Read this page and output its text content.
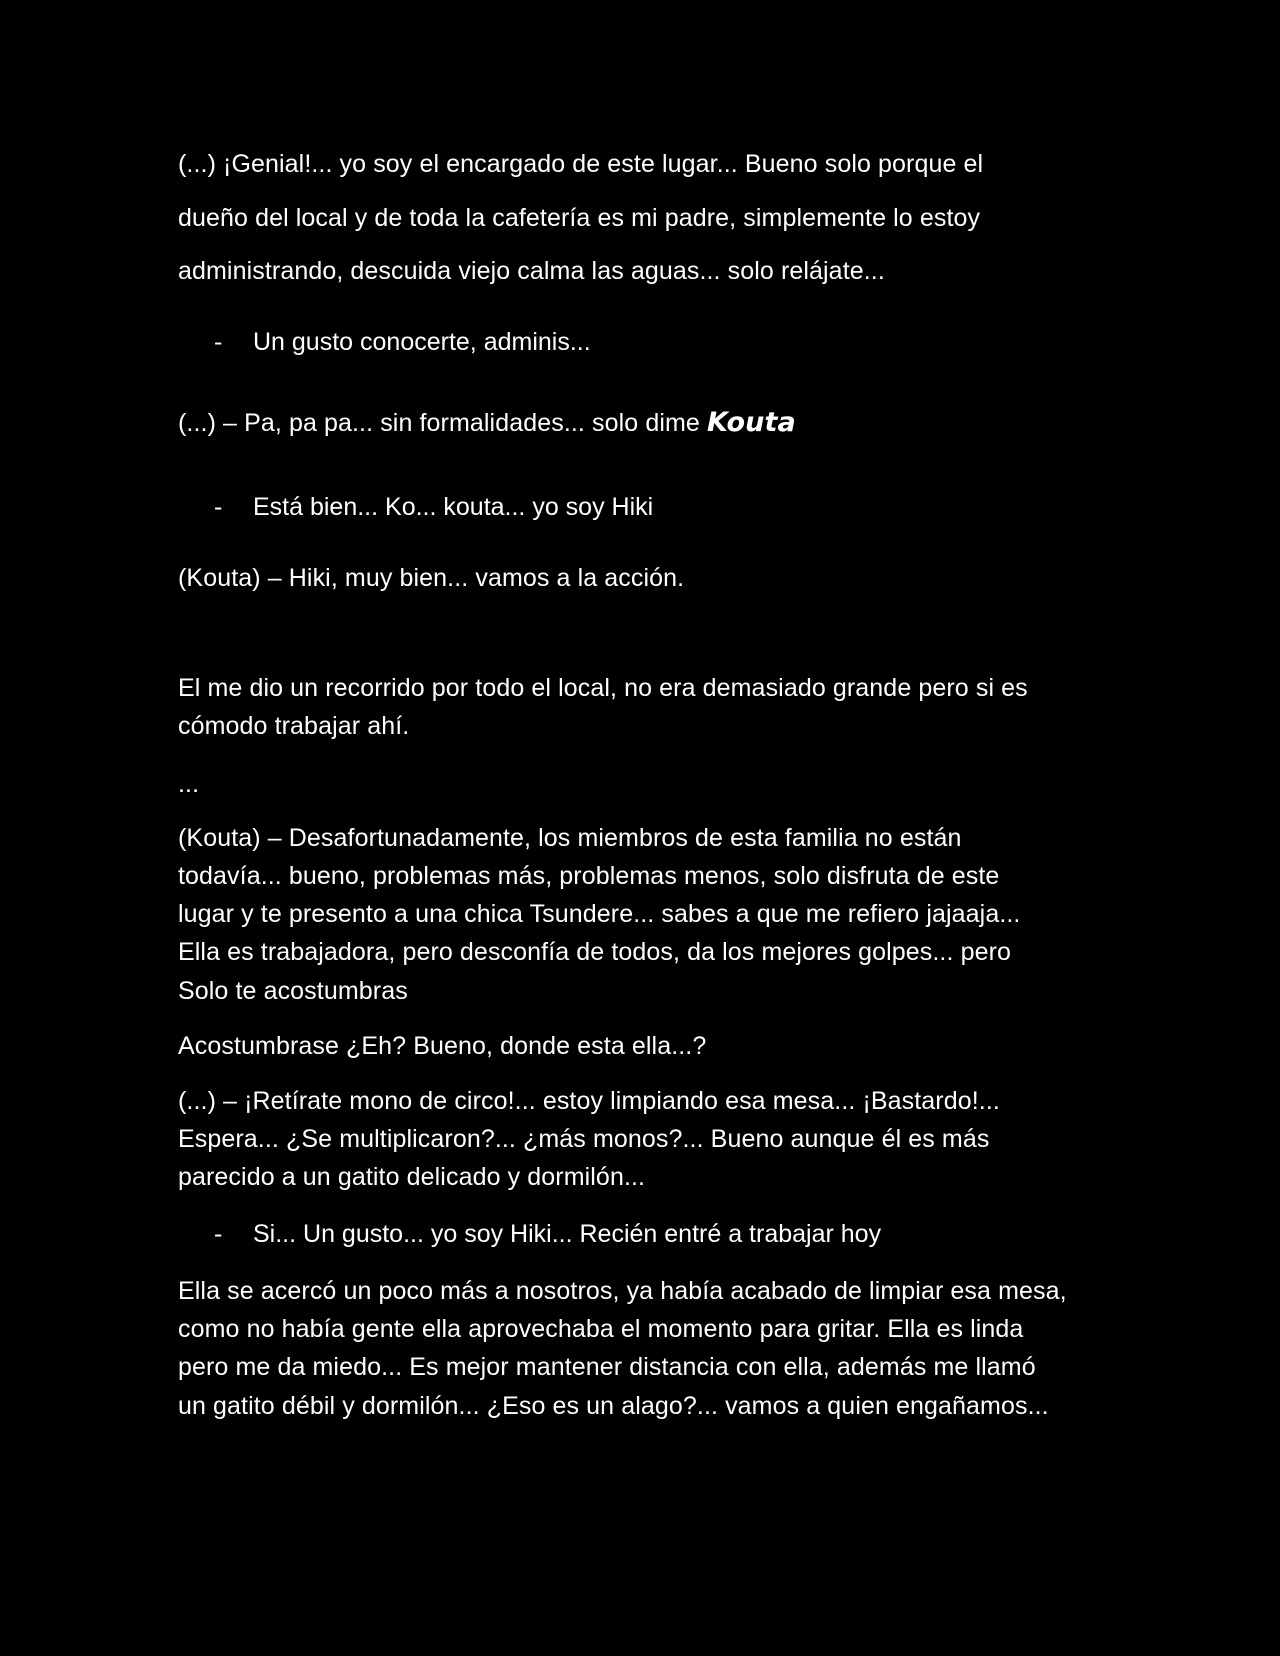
(...) ¡Genial!... yo soy el encargado de este lugar... Bueno solo porque el
dueño del local y de toda la cafetería es mi padre, simplemente lo estoy
administrando, descuida viejo calma las aguas... solo relájate...
- Un gusto conocerte, adminis...
(...) – Pa, pa pa... sin formalidades... solo dime Kouta
- Está bien... Ko... kouta... yo soy Hiki
(Kouta) – Hiki, muy bien... vamos a la acción.
El me dio un recorrido por todo el local, no era demasiado grande pero si es
cómodo trabajar ahí.
...
(Kouta) – Desafortunadamente, los miembros de esta familia no están
todavía... bueno, problemas más, problemas menos, solo disfruta de este
lugar y te presento a una chica Tsundere... sabes a que me refiero jajaaja...
Ella es trabajadora, pero desconfía de todos, da los mejores golpes... pero
Solo te acostumbras
Acostumbrase ¿Eh? Bueno, donde esta ella...?
(...) – ¡Retírate mono de circo!... estoy limpiando esa mesa... ¡Bastardo!...
Espera... ¿Se multiplicaron?... ¿más monos?... Bueno aunque él es más
parecido a un gatito delicado y dormilón...
- Si... Un gusto... yo soy Hiki... Recién entré a trabajar hoy
Ella se acercó un poco más a nosotros, ya había acabado de limpiar esa mesa,
como no había gente ella aprovechaba el momento para gritar. Ella es linda
pero me da miedo... Es mejor mantener distancia con ella, además me llamó
un gatito débil y dormilón... ¿Eso es un alago?... vamos a quien engañamos...
